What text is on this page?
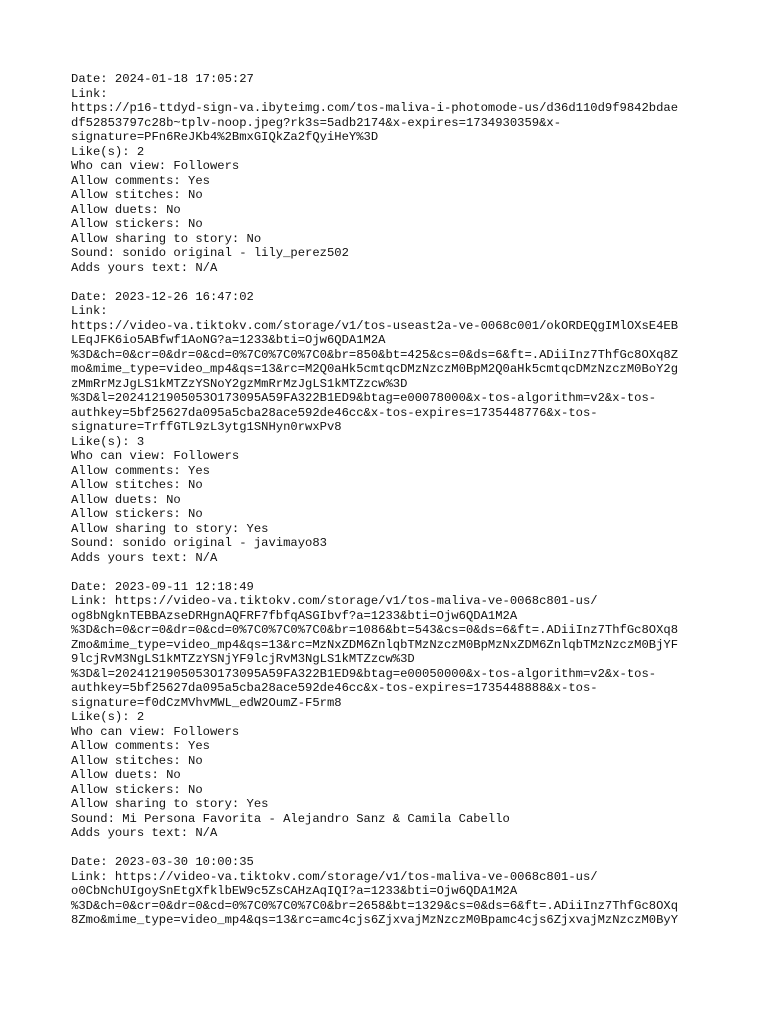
Date: 2024-01-18 17:05:27
Link:
https://p16-ttdyd-sign-va.ibyteimg.com/tos-maliva-i-photomode-us/d36d110d9f9842bdae
df52853797c28b~tplv-noop.jpeg?rk3s=5adb2174&x-expires=1734930359&x-
signature=PFn6ReJKb4%2BmxGIQkZa2fQyiHeY%3D
Like(s): 2
Who can view: Followers
Allow comments: Yes
Allow stitches: No
Allow duets: No
Allow stickers: No
Allow sharing to story: No
Sound: sonido original - lily_perez502
Adds yours text: N/A
Date: 2023-12-26 16:47:02
Link:
https://video-va.tiktokv.com/storage/v1/tos-useast2a-ve-0068c001/okORDEQgIMlOXsE4EB
LEqJFK6io5ABfwf1AoNG?a=1233&bti=Ojw6QDA1M2A
%3D&ch=0&cr=0&dr=0&cd=0%7C0%7C0%7C0&br=850&bt=425&cs=0&ds=6&ft=.ADiiInz7ThfGc8OXq8Z
mo&mime_type=video_mp4&qs=13&rc=M2Q0aHk5cmtqcDMzNzczM0BpM2Q0aHk5cmtqcDMzNzczM0BoY2g
zMmRrMzJgLS1kMTZzYSNoY2gzMmRrMzJgLS1kMTZzcw%3D
%3D&l=2024121905053O173095A59FA322B1ED9&btag=e00078000&x-tos-algorithm=v2&x-tos-
authkey=5bf25627da095a5cba28ace592de46cc&x-tos-expires=1735448776&x-tos-
signature=TrffGTL9zL3ytg1SNHyn0rwxPv8
Like(s): 3
Who can view: Followers
Allow comments: Yes
Allow stitches: No
Allow duets: No
Allow stickers: No
Allow sharing to story: Yes
Sound: sonido original - javimayo83
Adds yours text: N/A
Date: 2023-09-11 12:18:49
Link: https://video-va.tiktokv.com/storage/v1/tos-maliva-ve-0068c801-us/
og8bNgknTEBBAzseDRHgnAQFRF7fbfqASGIbvf?a=1233&bti=Ojw6QDA1M2A
%3D&ch=0&cr=0&dr=0&cd=0%7C0%7C0%7C0&br=1086&bt=543&cs=0&ds=6&ft=.ADiiInz7ThfGc8OXq8
Zmo&mime_type=video_mp4&qs=13&rc=MzNxZDM6ZnlqbTMzNzczM0BpMzNxZDM6ZnlqbTMzNzczM0BjYF
9lcjRvM3NgLS1kMTZzYSNjYF9lcjRvM3NgLS1kMTZzcw%3D
%3D&l=2024121905053O173095A59FA322B1ED9&btag=e00050000&x-tos-algorithm=v2&x-tos-
authkey=5bf25627da095a5cba28ace592de46cc&x-tos-expires=1735448888&x-tos-
signature=f0dCzMVhvMWL_edW2OumZ-F5rm8
Like(s): 2
Who can view: Followers
Allow comments: Yes
Allow stitches: No
Allow duets: No
Allow stickers: No
Allow sharing to story: Yes
Sound: Mi Persona Favorita - Alejandro Sanz & Camila Cabello
Adds yours text: N/A
Date: 2023-03-30 10:00:35
Link: https://video-va.tiktokv.com/storage/v1/tos-maliva-ve-0068c801-us/
o0CbNchUIgoySnEtgXfklbEW9c5ZsCAHzAqIQI?a=1233&bti=Ojw6QDA1M2A
%3D&ch=0&cr=0&dr=0&cd=0%7C0%7C0%7C0&br=2658&bt=1329&cs=0&ds=6&ft=.ADiiInz7ThfGc8OXq
8Zmo&mime_type=video_mp4&qs=13&rc=amc4cjs6ZjxvajMzNzczM0Bpamc4cjs6ZjxvajMzNzczM0ByY
